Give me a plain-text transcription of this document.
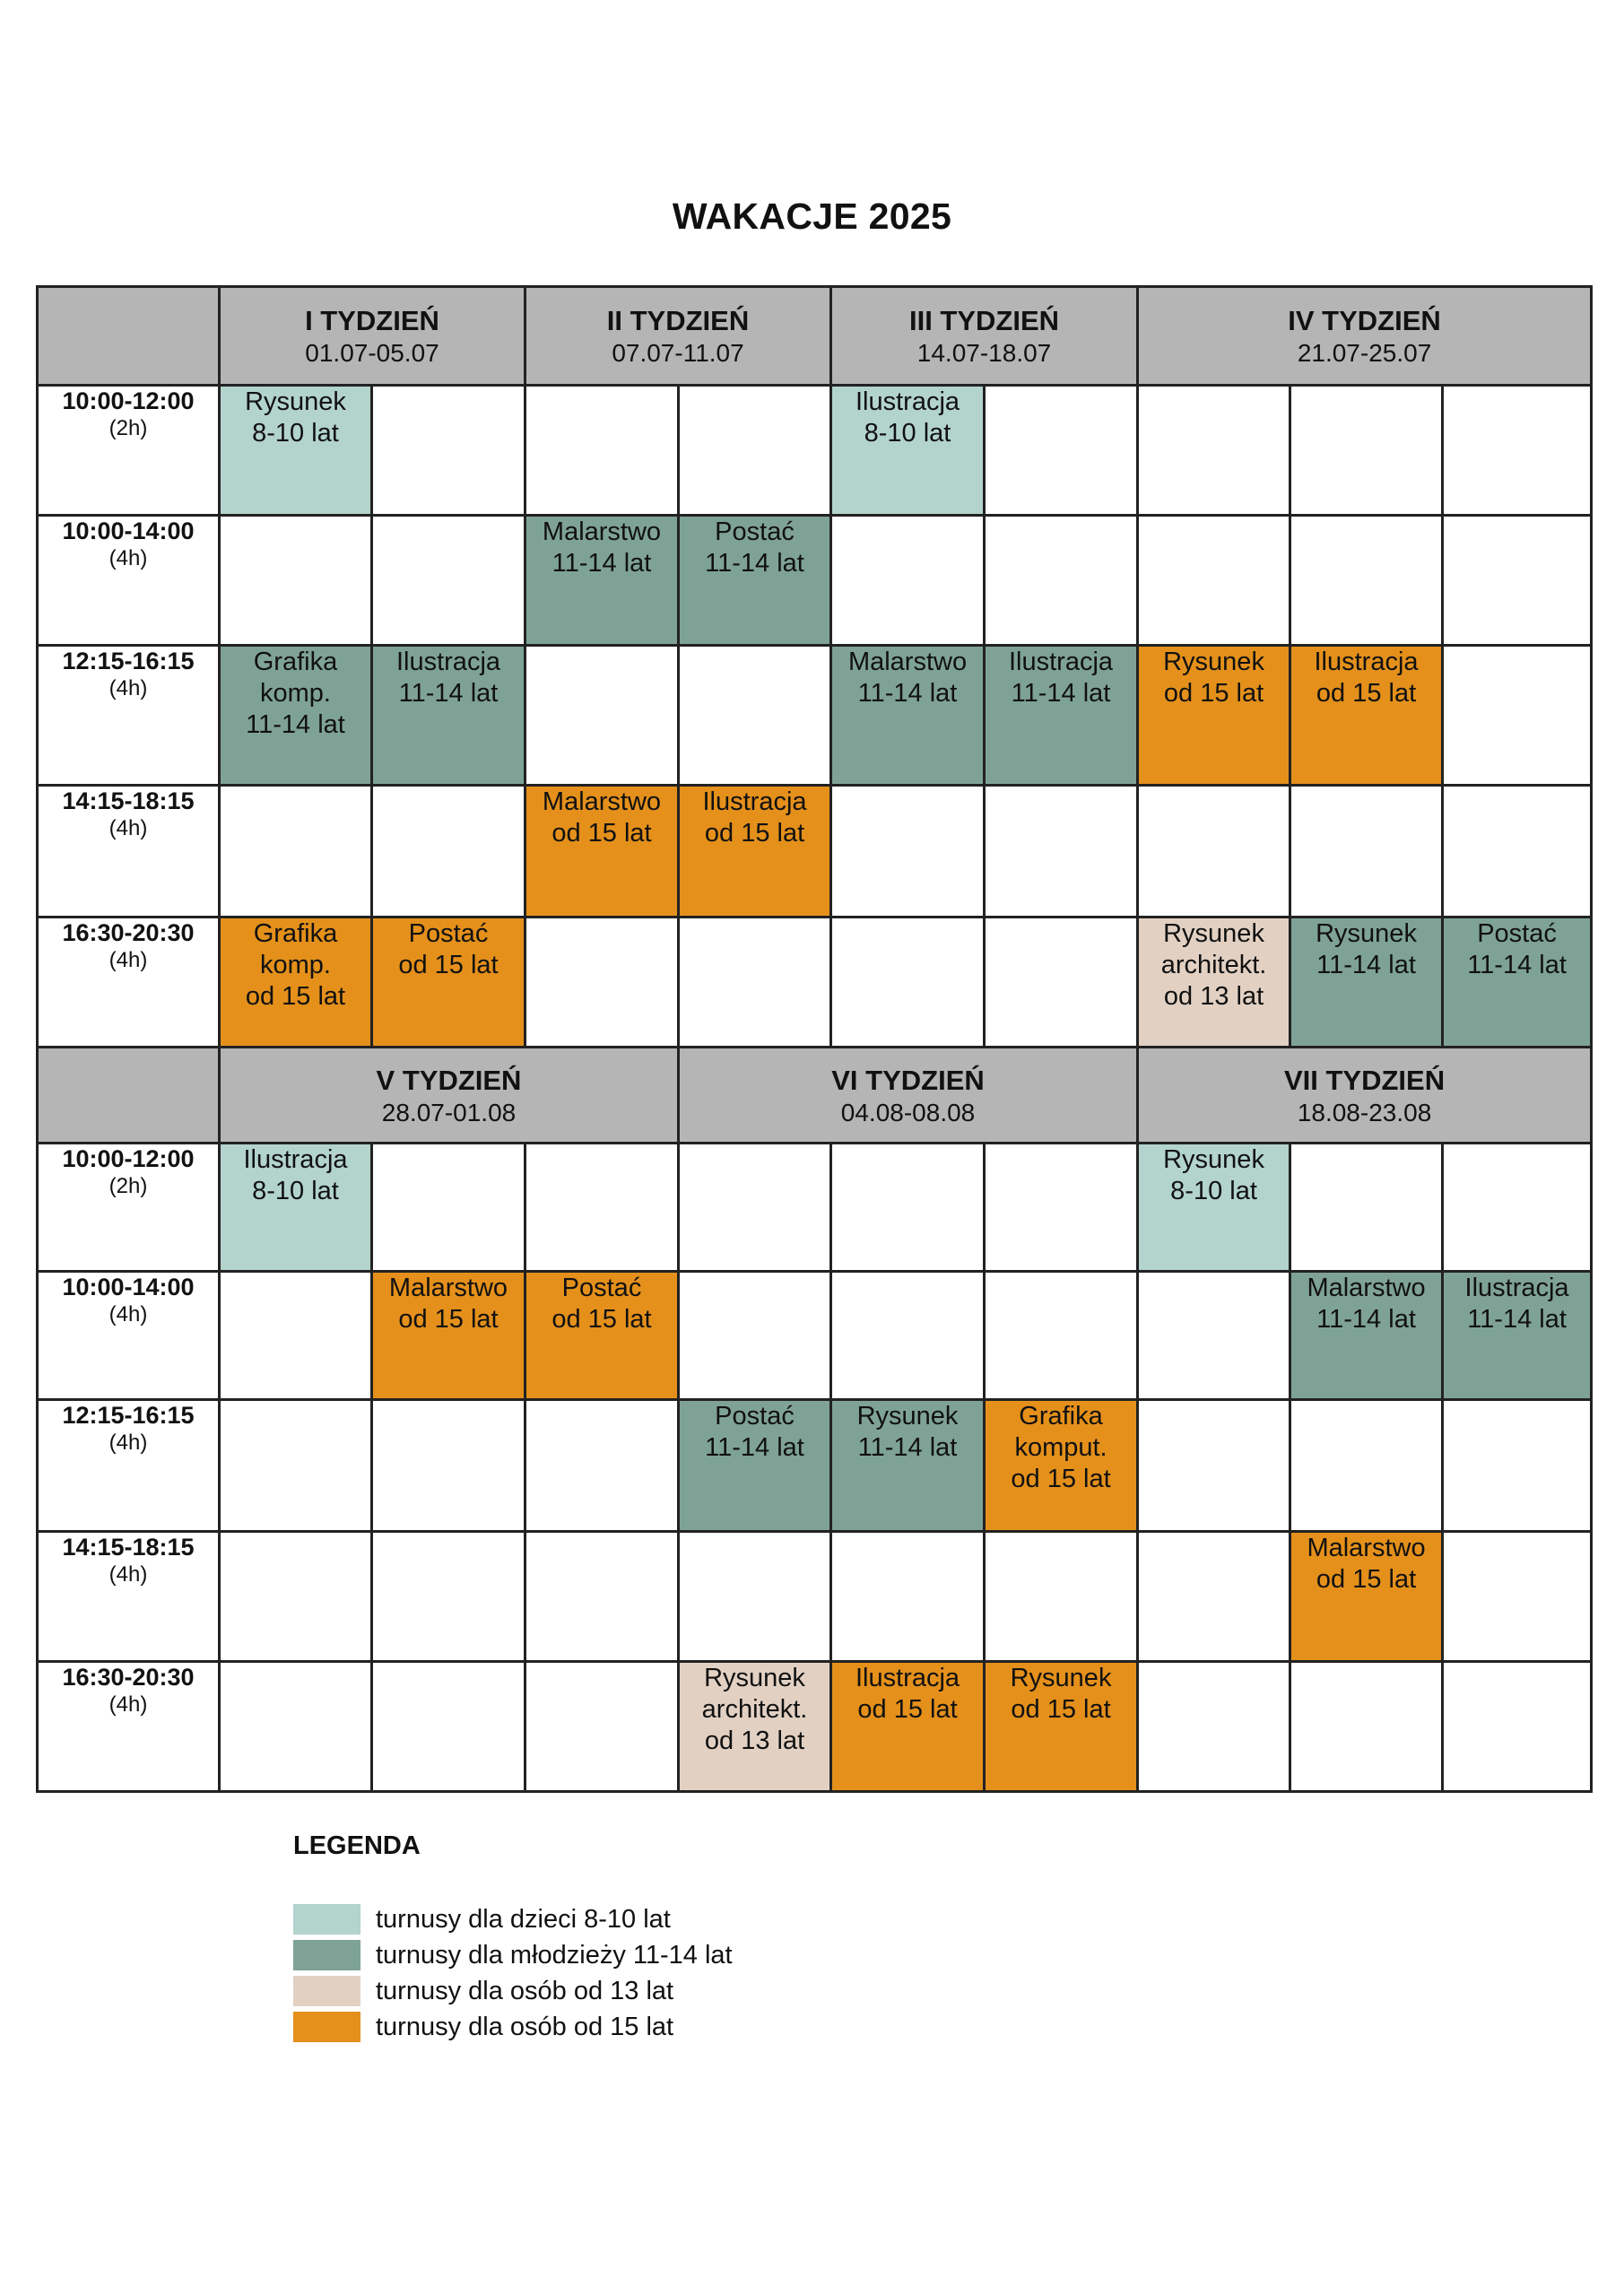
WAKACJE 2025

	I TYDZIEŃ
01.07-05.07		II TYDZIEŃ
07.07-11.07		III TYDZIEŃ
14.07-18.07		IV TYDZIEŃ
21.07-25.07		

10:00-12:00
(2h)	Rysunek
8-10 lat				Ilustracja
8-10 lat				

10:00-14:00
(4h)			Malarstwo
11-14 lat	Postać
11-14 lat					

12:15-16:15
(4h)	Grafika
komp.
11-14 lat	Ilustracja
11-14 lat			Malarstwo
11-14 lat	Ilustracja
11-14 lat	Rysunek
od 15 lat	Ilustracja
od 15 lat	

14:15-18:15
(4h)			Malarstwo
od 15 lat	Ilustracja
od 15 lat					

16:30-20:30
(4h)	Grafika
komp.
od 15 lat	Postać
od 15 lat					Rysunek
architekt.
od 13 lat	Rysunek
11-14 lat	Postać
11-14 lat

	V TYDZIEŃ
28.07-01.08			VI TYDZIEŃ
04.08-08.08			VII TYDZIEŃ
18.08-23.08		

10:00-12:00
(2h)	Ilustracja
8-10 lat						Rysunek
8-10 lat		

10:00-14:00
(4h)		Malarstwo
od 15 lat	Postać
od 15 lat					Malarstwo
11-14 lat	Ilustracja
11-14 lat

12:15-16:15
(4h)				Postać
11-14 lat	Rysunek
11-14 lat	Grafika
komput.
od 15 lat			

14:15-18:15
(4h)								Malarstwo
od 15 lat	

16:30-20:30
(4h)				Rysunek
architekt.
od 13 lat	Ilustracja
od 15 lat	Rysunek
od 15 lat			

LEGENDA
turnusy dla dzieci 8-10 lat
turnusy dla młodzieży 11-14 lat
turnusy dla osób od 13 lat
turnusy dla osób od 15 lat
